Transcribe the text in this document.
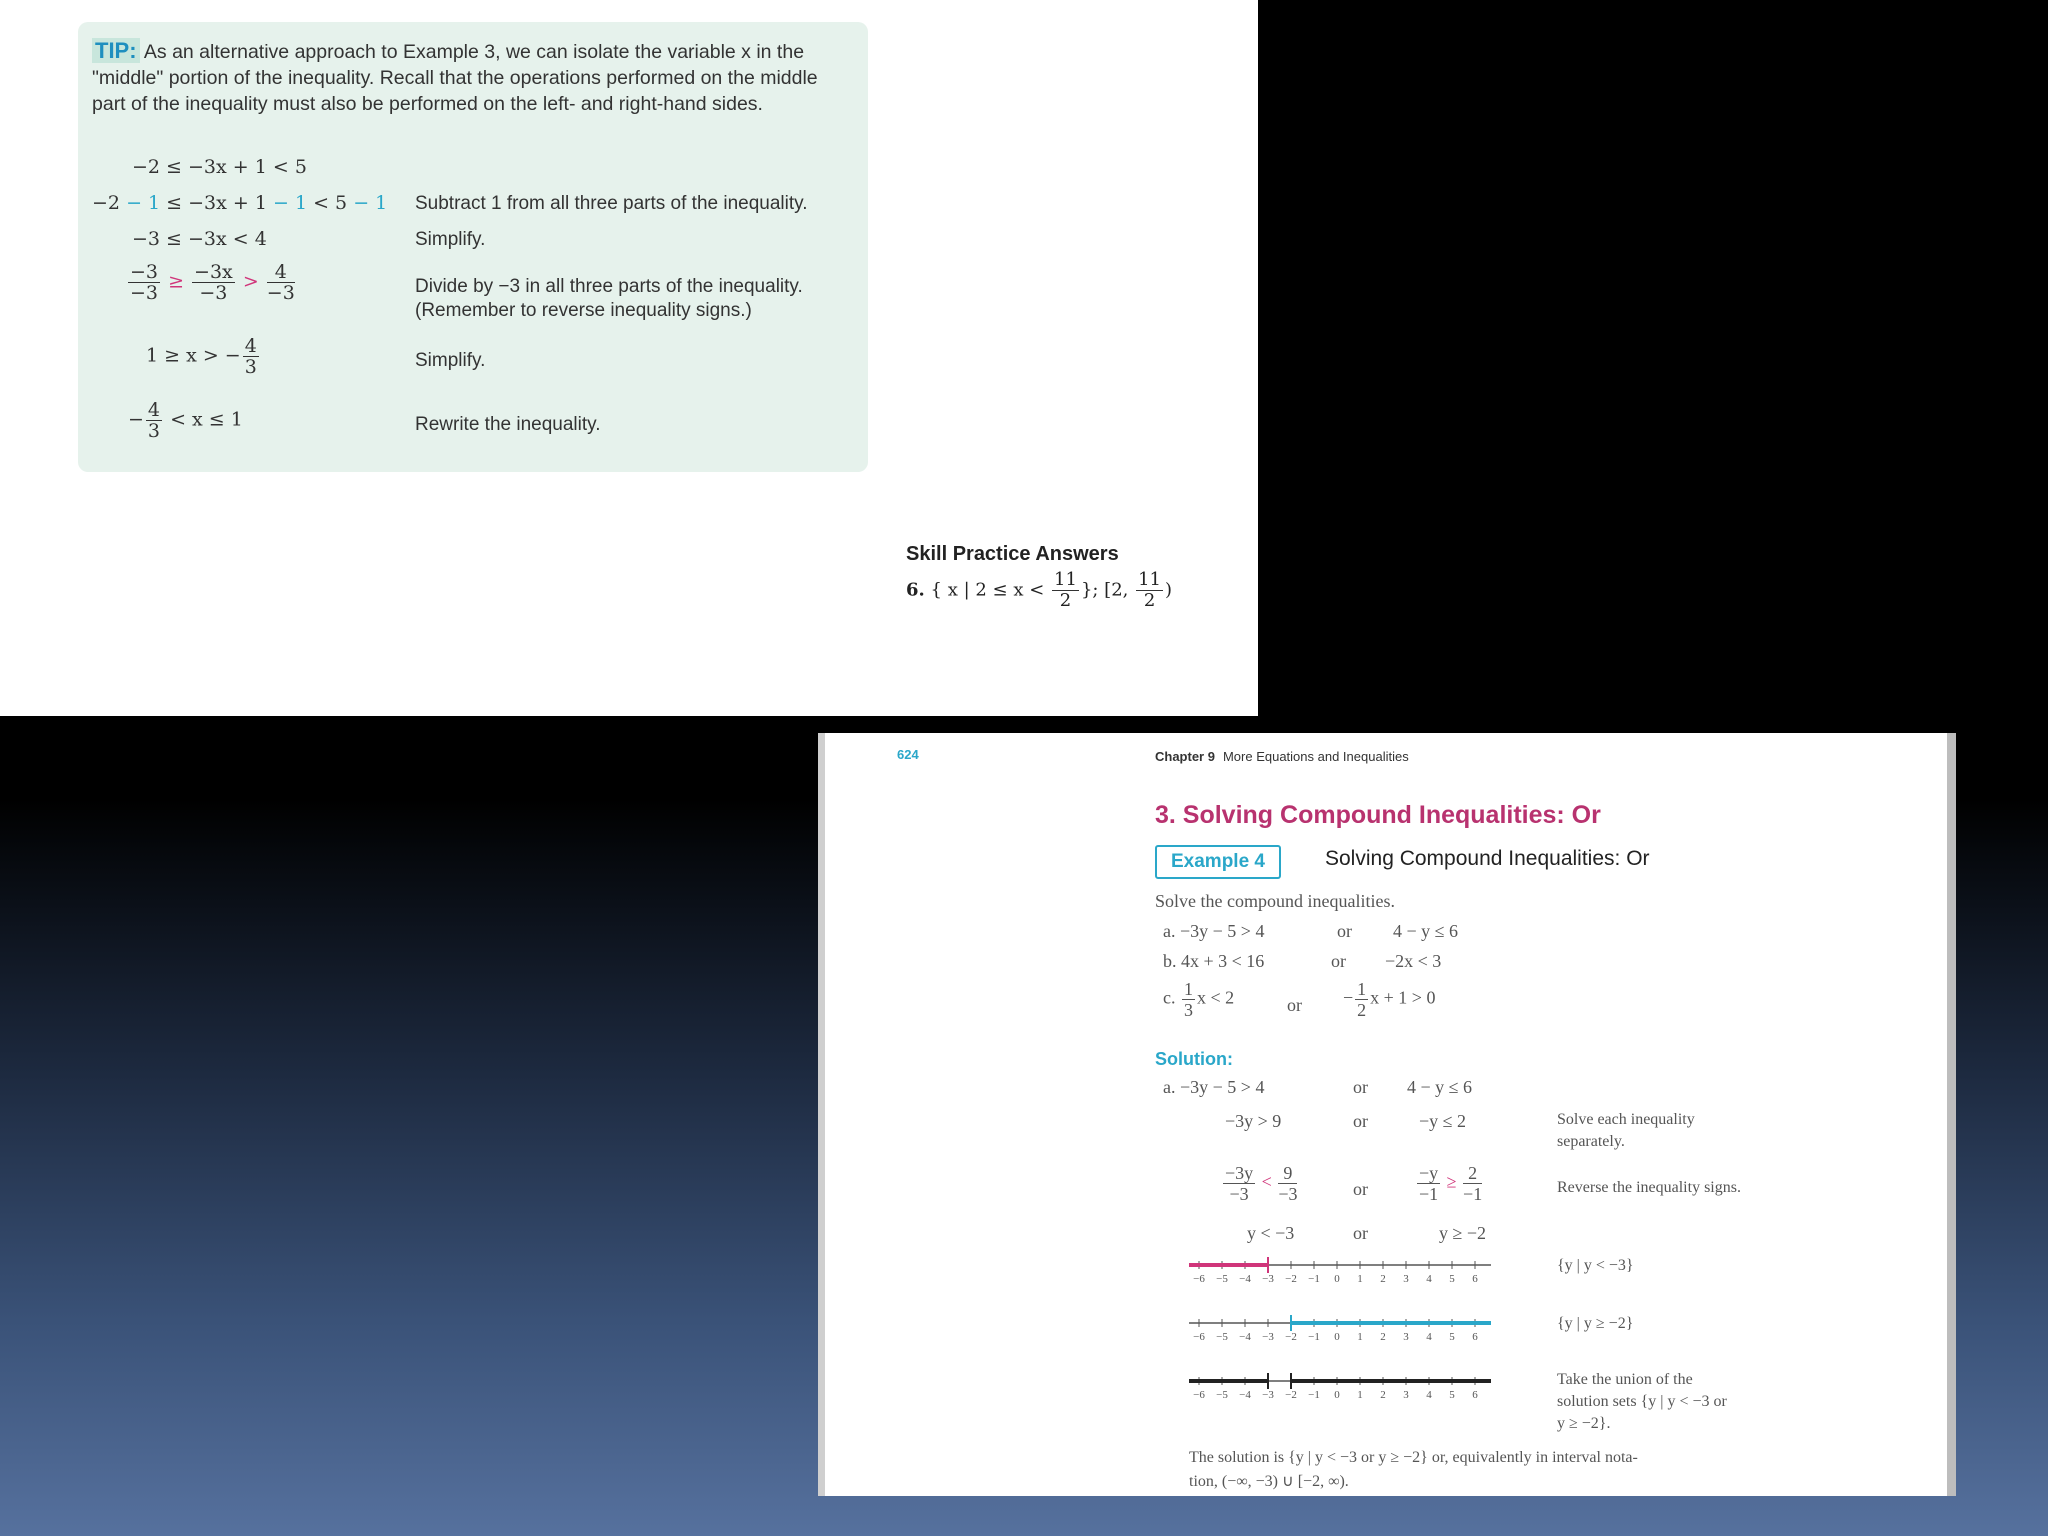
TIP: As an alternative approach to Example 3, we can isolate the variable x in the "middle" portion of the inequality. Recall that the operations performed on the middle part of the inequality must also be performed on the left- and right-hand sides.
−2 ≤ −3x + 1 < 5
−2 − 1 ≤ −3x + 1 − 1 < 5 − 1 Subtract 1 from all three parts of the inequality.
−3 ≤ −3x < 4	Simplify.
$\frac{-3}{-3} \ge \frac{-3x}{-3} > \frac{4}{-3}$	Divide by −3 in all three parts of the inequality.
(Remember to reverse inequality signs.)
1 ≥ x > − $\frac{4}{3}$	Simplify.
− $\frac{4}{3} < x \le 1$	Rewrite the inequality.
Skill Practice Answers
6. { x | $2 \le x < \frac{11}{2}$ }; [2, $\frac{11}{2}$ )
624	Chapter 9 More Equations and Inequalities
3. Solving Compound Inequalities: Or
Example 4	Solving Compound Inequalities: Or
Solve the compound inequalities.
a. −3y − 5 > 4	or 4 − y ≤ 6
b. 4x + 3 < 16	or −2x < 3
c. $\frac{1}{3}$ x < 2	or − $\frac{1}{2}$ x + 1 > 0
Solution:
a. −3y − 5 > 4	or 4 − y ≤ 6
−3y > 9	or	−y ≤ 2	Solve each inequality
separately.
$\frac{-3y}{-3} < \frac{9}{-3}$	or	$\frac{-y}{-1} \ge \frac{2}{-1}$	Reverse the inequality signs.
y < −3	or	y ≥ −2
−6 −5 −4 −3 −2 −1 0 1 2 3 4 5 6
−6 −5 −4 −3 −2 −1 0 1 2 3 4 5 6
−6 −5 −4 −3 −2 −1 0 1 2 3 4 5 6
{y | y < −3}
{y | y ≥ −2}
Take the union of the
solution sets {y | y < −3 or
y ≥ −2}.
The solution is {y | y < −3 or y ≥ −2} or, equivalently in interval nota-
tion, (−∞, −3) ∪ [−2, ∞).
